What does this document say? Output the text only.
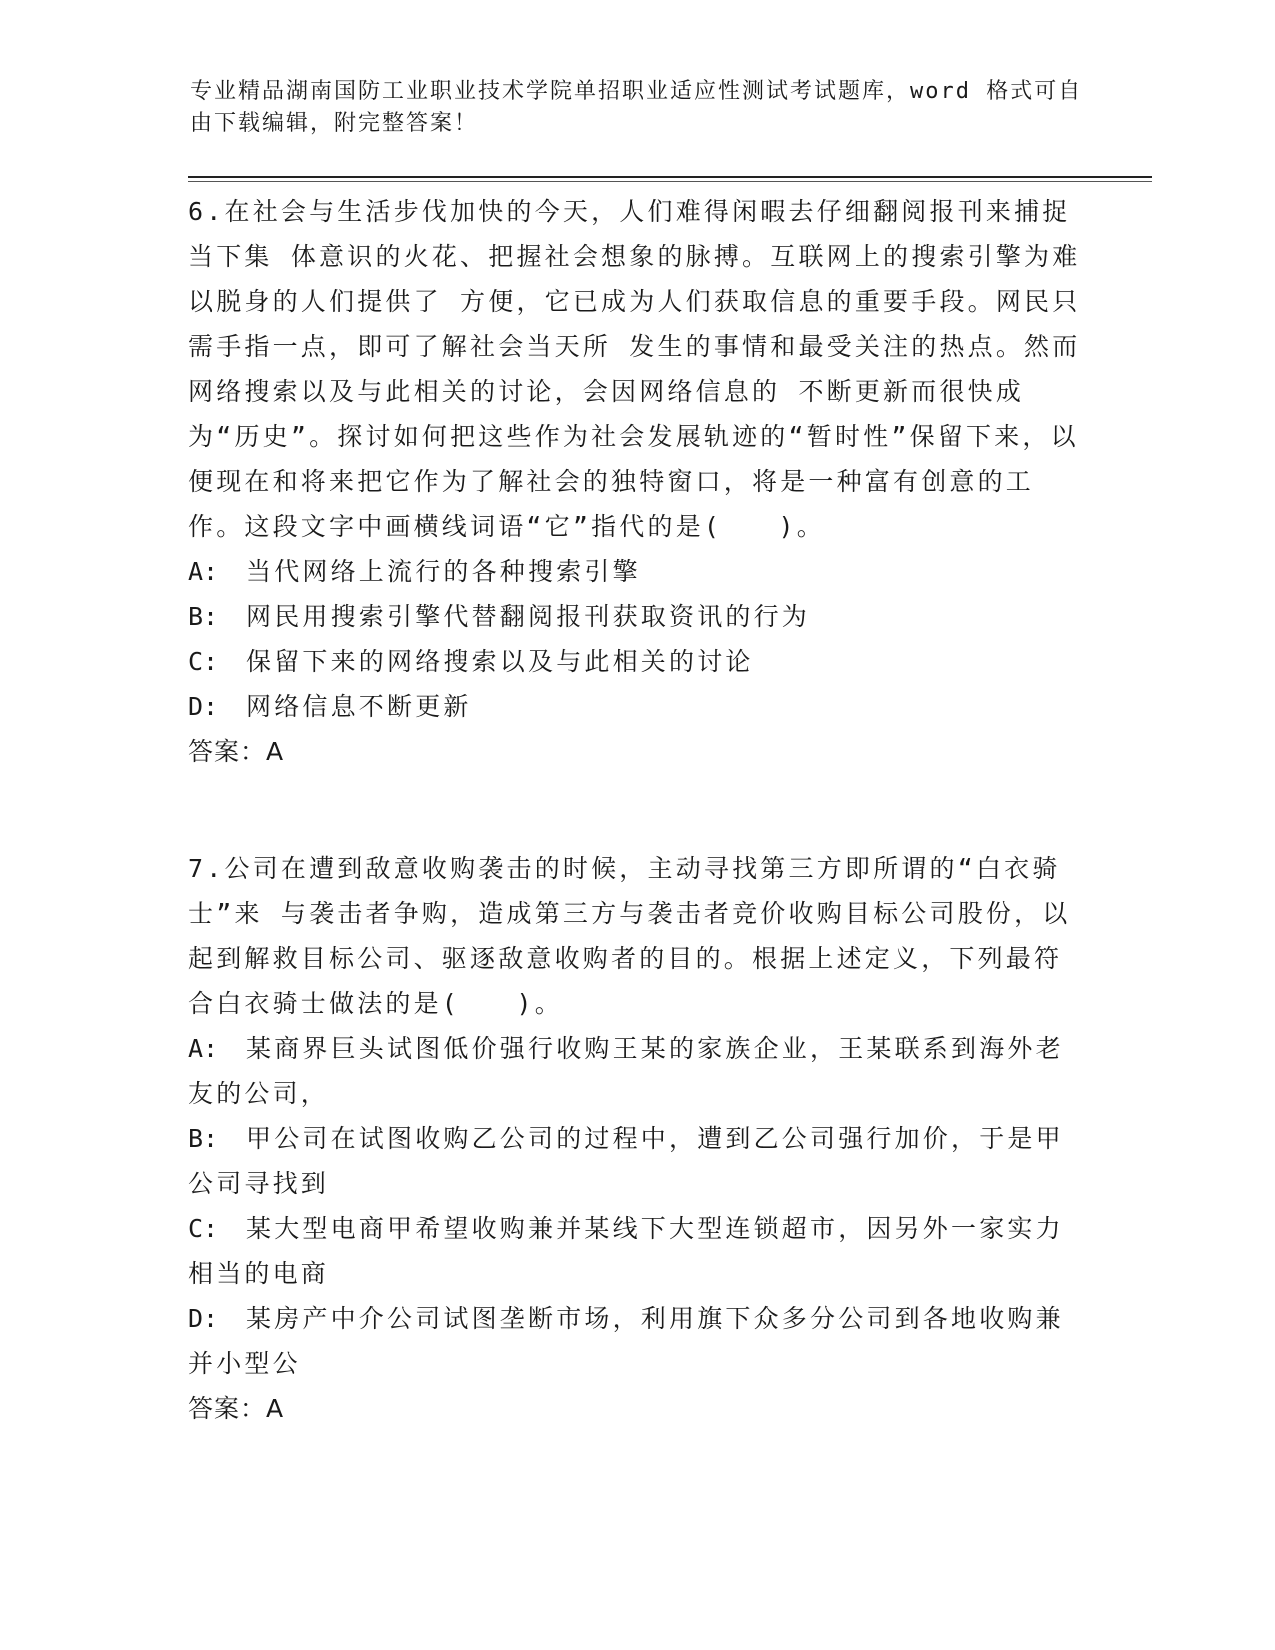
专业精品湖南国防工业职业技术学院单招职业适应性测试考试题库，word 格式可自由下载编辑，附完整答案！

6.在社会与生活步伐加快的今天，人们难得闲暇去仔细翻阅报刊来捕捉当下集 体意识的火花、把握社会想象的脉搏。互联网上的搜索引擎为难以脱身的人们提供了 方便，它已成为人们获取信息的重要手段。网民只需手指一点，即可了解社会当天所 发生的事情和最受关注的热点。然而网络搜索以及与此相关的讨论，会因网络信息的 不断更新而很快成为“历史”。探讨如何把这些作为社会发展轨迹的“暂时性”保留下来，以便现在和将来把它作为了解社会的独特窗口，将是一种富有创意的工作。这段文字中画横线词语“它”指代的是(　　)。

A: 当代网络上流行的各种搜索引擎

B: 网民用搜索引擎代替翻阅报刊获取资讯的行为

C: 保留下来的网络搜索以及与此相关的讨论

D: 网络信息不断更新

答案：A

7.公司在遭到敌意收购袭击的时候，主动寻找第三方即所谓的“白衣骑士”来 与袭击者争购，造成第三方与袭击者竞价收购目标公司股份，以起到解救目标公司、驱逐敌意收购者的目的。根据上述定义，下列最符合白衣骑士做法的是(　　)。

A: 某商界巨头试图低价强行收购王某的家族企业，王某联系到海外老友的公司，

B: 甲公司在试图收购乙公司的过程中，遭到乙公司强行加价，于是甲公司寻找到

C: 某大型电商甲希望收购兼并某线下大型连锁超市，因另外一家实力相当的电商

D: 某房产中介公司试图垄断市场，利用旗下众多分公司到各地收购兼并小型公

答案：A
